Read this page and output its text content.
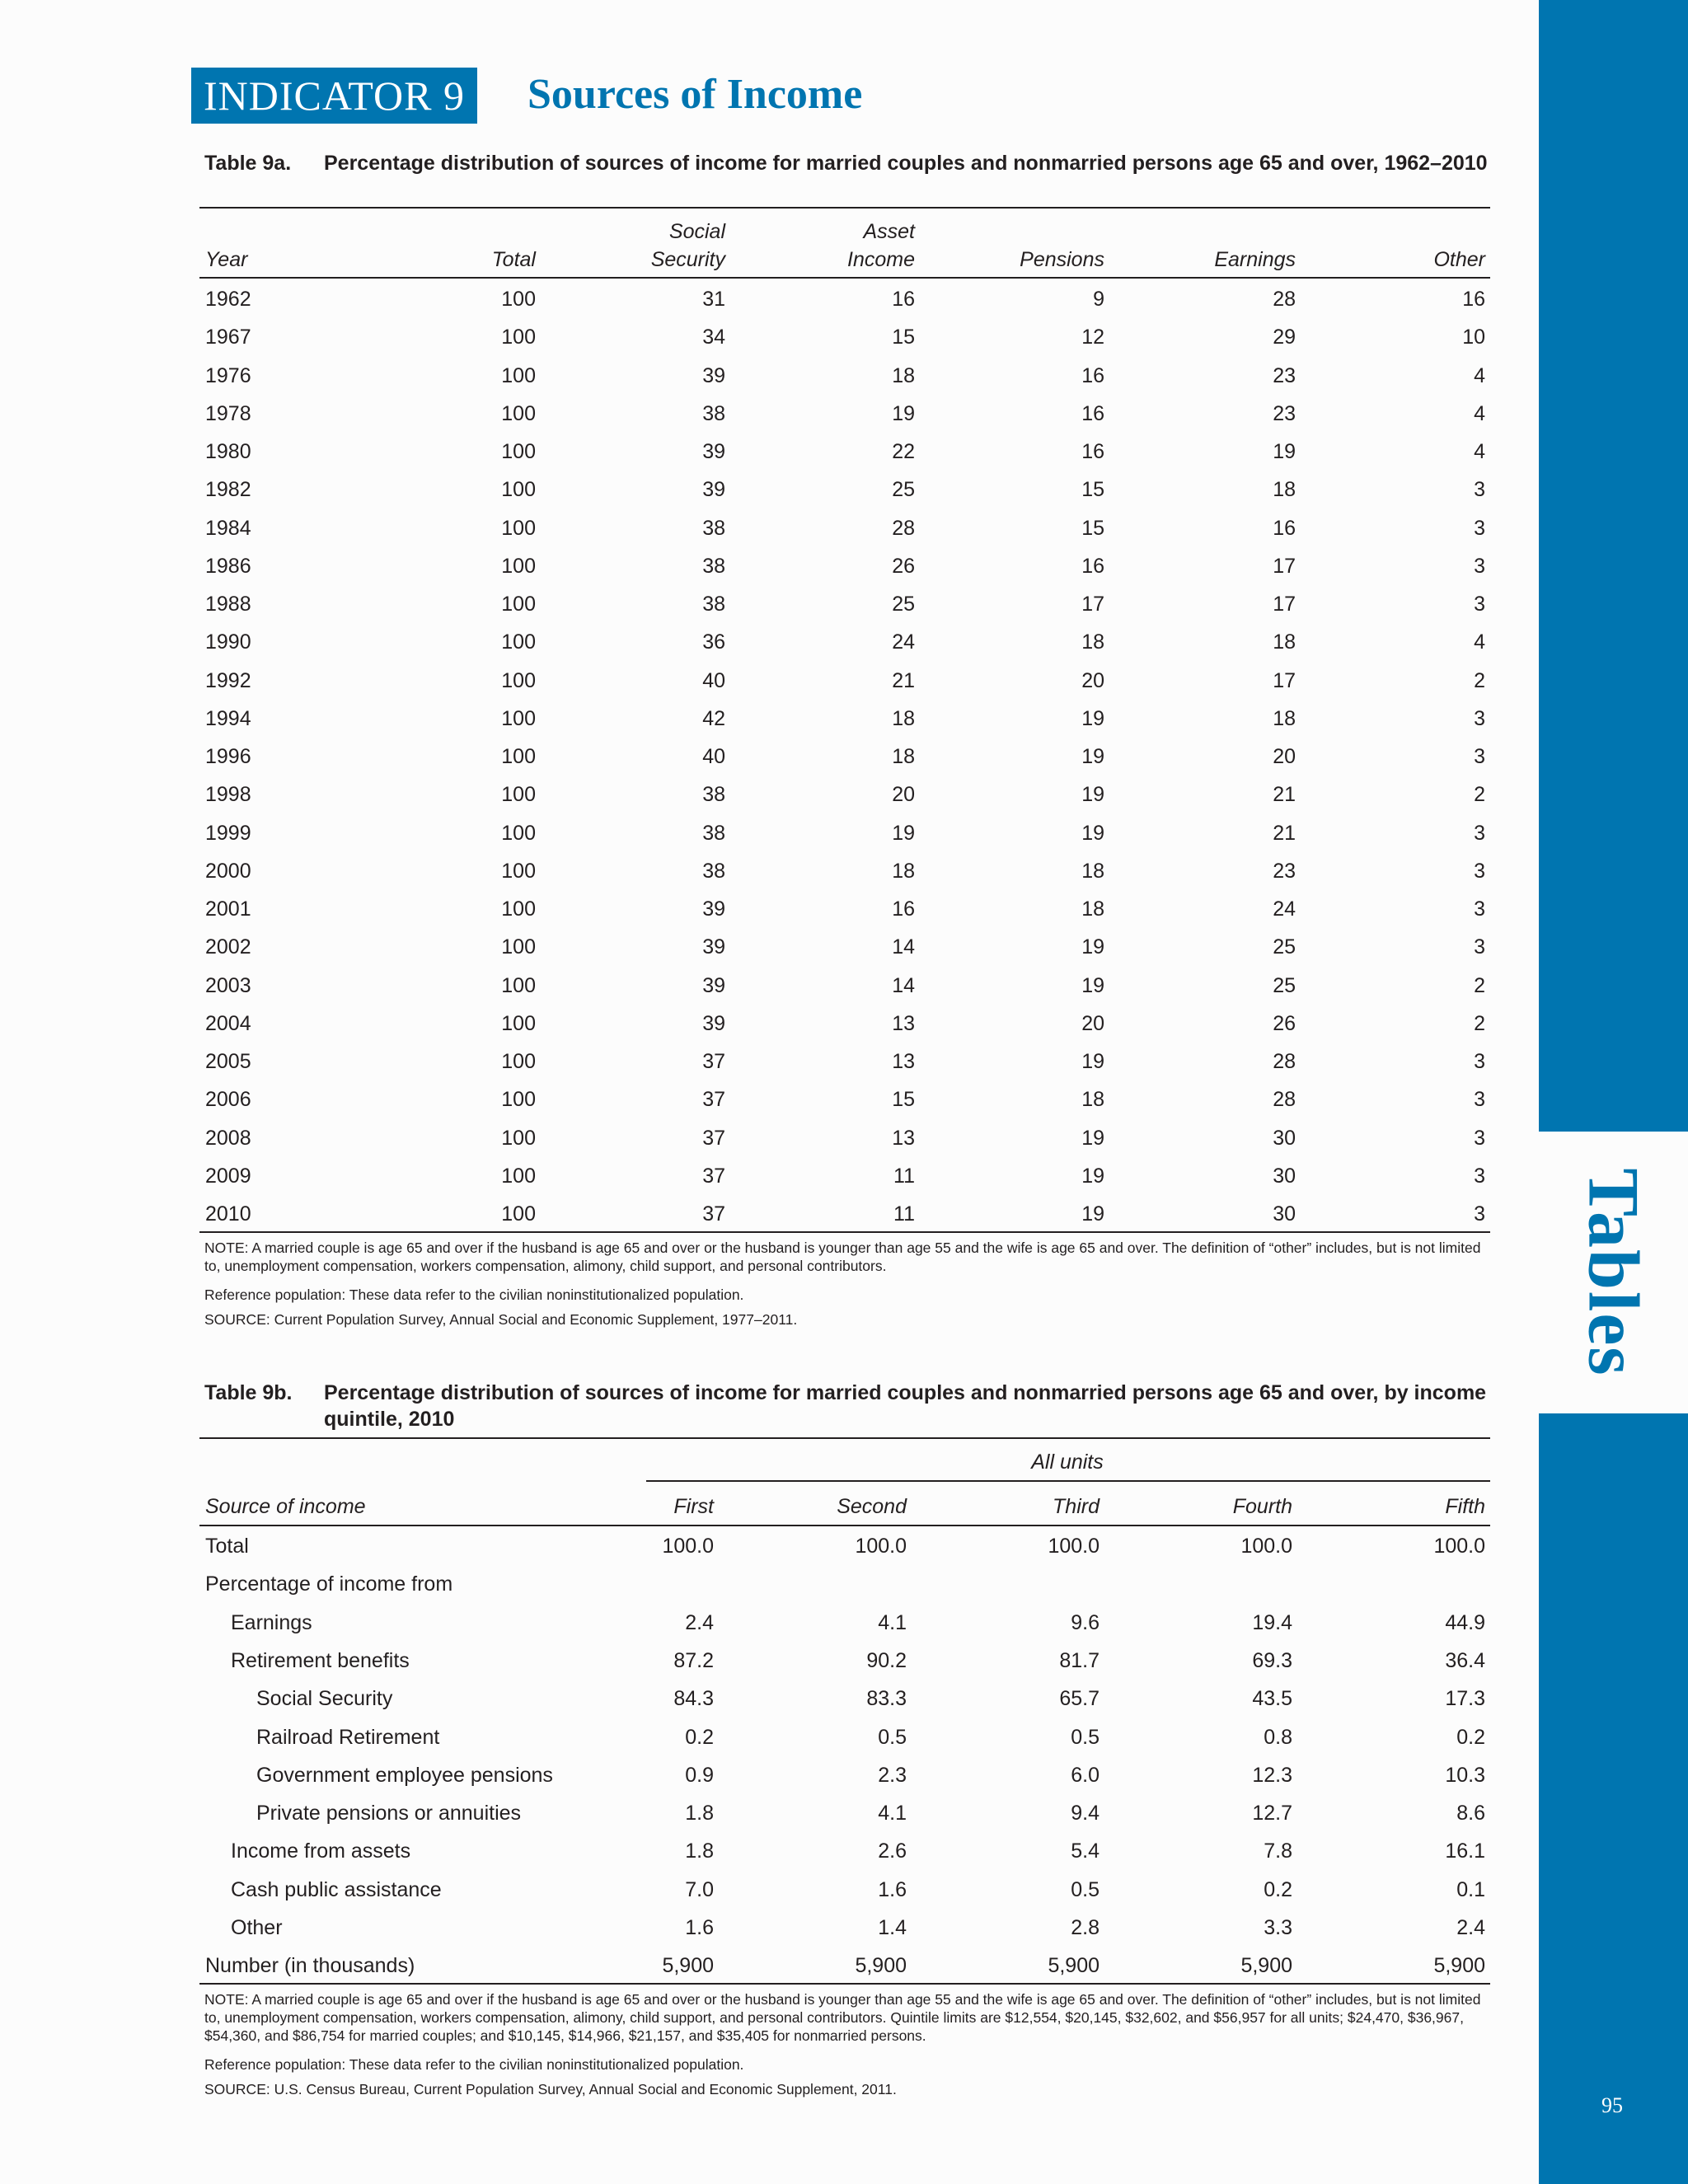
Tables
95
INDICATOR 9 Sources of Income
Table 9a. Percentage distribution of sources of income for married couples and nonmarried persons age 65 and over, 1962–2010
Social	Asset
Year	Total	Security	Income	Pensions	Earnings	Other
1962	100	31	16	9	28	16
1967	100	34	15	12	29	10
1976	100	39	18	16	23	4
1978	100	38	19	16	23	4
1980	100	39	22	16	19	4
1982	100	39	25	15	18	3
1984	100	38	28	15	16	3
1986	100	38	26	16	17	3
1988	100	38	25	17	17	3
1990	100	36	24	18	18	4
1992	100	40	21	20	17	2
1994	100	42	18	19	18	3
1996	100	40	18	19	20	3
1998	100	38	20	19	21	2
1999	100	38	19	19	21	3
2000	100	38	18	18	23	3
2001	100	39	16	18	24	3
2002	100	39	14	19	25	3
2003	100	39	14	19	25	2
2004	100	39	13	20	26	2
2005	100	37	13	19	28	3
2006	100	37	15	18	28	3
2008	100	37	13	19	30	3
2009	100	37	11	19	30	3
2010	100	37	11	19	30	3
NOTE: A married couple is age 65 and over if the husband is age 65 and over or the husband is younger than age 55 and the wife is age 65 and over. The definition of “other” includes, but is not limited to, unemployment compensation, workers compensation, alimony, child support, and personal contributors.
Reference population: These data refer to the civilian noninstitutionalized population.
SOURCE: Current Population Survey, Annual Social and Economic Supplement, 1977–2011.
Table 9b. Percentage distribution of sources of income for married couples and nonmarried persons age 65 and over, by income quintile, 2010
All units
Source of income	First	Second	Third	Fourth	Fifth
Total	100.0	100.0	100.0	100.0	100.0
Percentage of income from
Earnings	2.4	4.1	9.6	19.4	44.9
Retirement benefits	87.2	90.2	81.7	69.3	36.4
Social Security	84.3	83.3	65.7	43.5	17.3
Railroad Retirement	0.2	0.5	0.5	0.8	0.2
Government employee pensions	0.9	2.3	6.0	12.3	10.3
Private pensions or annuities	1.8	4.1	9.4	12.7	8.6
Income from assets	1.8	2.6	5.4	7.8	16.1
Cash public assistance	7.0	1.6	0.5	0.2	0.1
Other	1.6	1.4	2.8	3.3	2.4
Number (in thousands)	5,900	5,900	5,900	5,900	5,900
NOTE: A married couple is age 65 and over if the husband is age 65 and over or the husband is younger than age 55 and the wife is age 65 and over. The definition of “other” includes, but is not limited to, unemployment compensation, workers compensation, alimony, child support, and personal contributors. Quintile limits are $12,554, $20,145, $32,602, and $56,957 for all units; $24,470, $36,967, $54,360, and $86,754 for married couples; and $10,145, $14,966, $21,157, and $35,405 for nonmarried persons.
Reference population: These data refer to the civilian noninstitutionalized population.
SOURCE: U.S. Census Bureau, Current Population Survey, Annual Social and Economic Supplement, 2011.
